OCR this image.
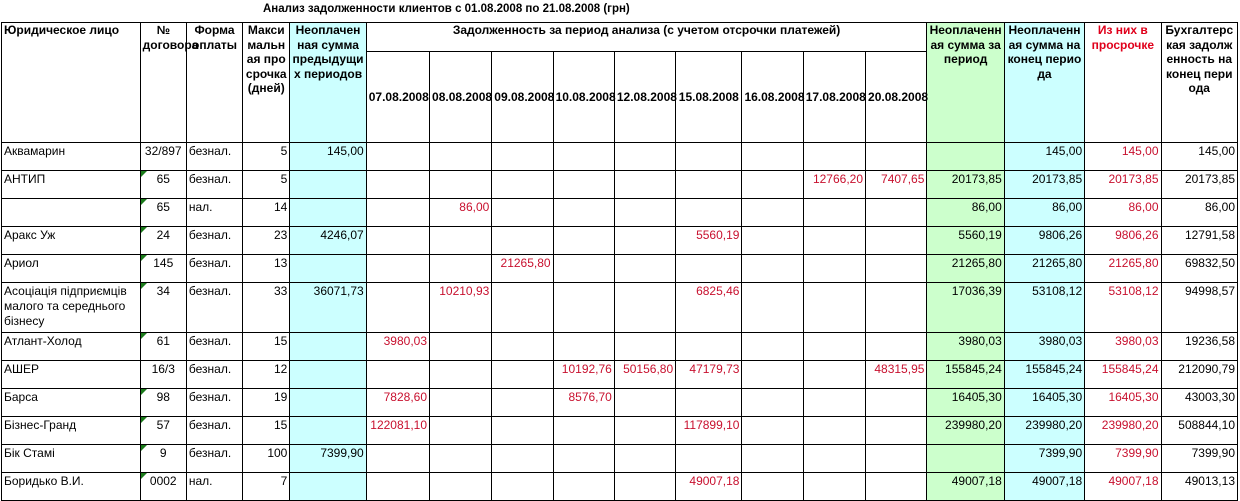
Анализ задолженности клиентов с 01.08.2008 по 21.08.2008 (грн)
Юридическое лицо	№ договора	Форма оплаты	Максимальная просрочка (дней)	Неоплаченная сумма предыдущих периодов	Задолженность за период анализа (с учетом отсрочки платежей)									Неоплаченная сумма за период	Неоплаченная сумма на конец периода	Из них в просрочке	Бухгалтерская задолженность на конец периода
					07.08.2008	08.08.2008	09.08.2008	10.08.2008	12.08.2008	15.08.2008	16.08.2008	17.08.2008	20.08.2008				
Аквамарин	32/897	безнал.	5	145,00											145,00	145,00	145,00
АНТИП	65	безнал.	5									12766,20	7407,65	20173,85	20173,85	20173,85	20173,85
	65	нал.	14			86,00								86,00	86,00	86,00	86,00
Аракс Уж	24	безнал.	23	4246,07						5560,19				5560,19	9806,26	9806,26	12791,58
Ариол	145	безнал.	13				21265,80							21265,80	21265,80	21265,80	69832,50
Асоціація підприємців малого та середнього бізнесу	34	безнал.	33	36071,73		10210,93				6825,46				17036,39	53108,12	53108,12	94998,57
Атлант-Холод	61	безнал.	15		3980,03									3980,03	3980,03	3980,03	19236,58
АШЕР	16/3	безнал.	12					10192,76	50156,80	47179,73			48315,95	155845,24	155845,24	155845,24	212090,79
Барса	98	безнал.	19		7828,60			8576,70						16405,30	16405,30	16405,30	43003,30
Бізнес-Гранд	57	безнал.	15		122081,10					117899,10				239980,20	239980,20	239980,20	508844,10
Бік Стамі	9	безнал.	100	7399,90											7399,90	7399,90	7399,90
Боридько В.И.	0002	нал.	7							49007,18				49007,18	49007,18	49007,18	49013,13
